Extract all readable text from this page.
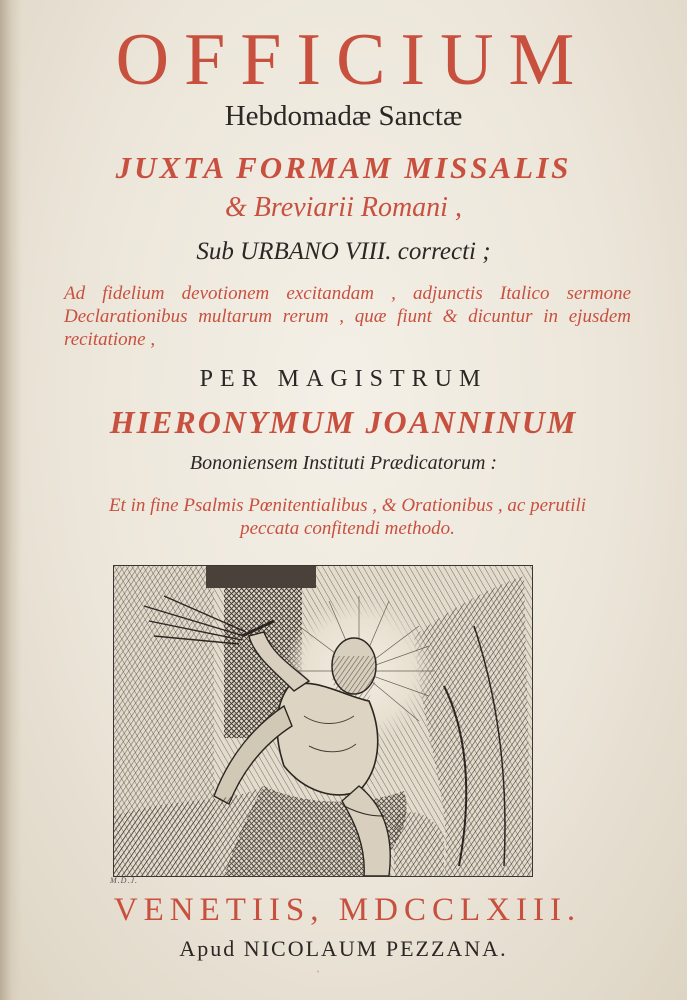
OFFICIUM
Hebdomadæ Sanctæ
JUXTA FORMAM MISSALIS
& Breviarii Romani ,
Sub URBANO VIII. correcti ;
Ad fidelium devotionem excitandam , adjunctis Italico sermone Declarationibus multarum rerum , quæ fiunt & dicuntur in ejusdem recitatione ,
PER MAGISTRUM
HIERONYMUM JOANNINUM
Bononiensem Instituti Prædicatorum :
Et in fine Psalmis Pœnitentialibus , & Orationibus , ac perutili peccata confitendi methodo.
M.D.J.
VENETIIS, MDCCLXIII.
Apud NICOLAUM PEZZANA.
ˈ
